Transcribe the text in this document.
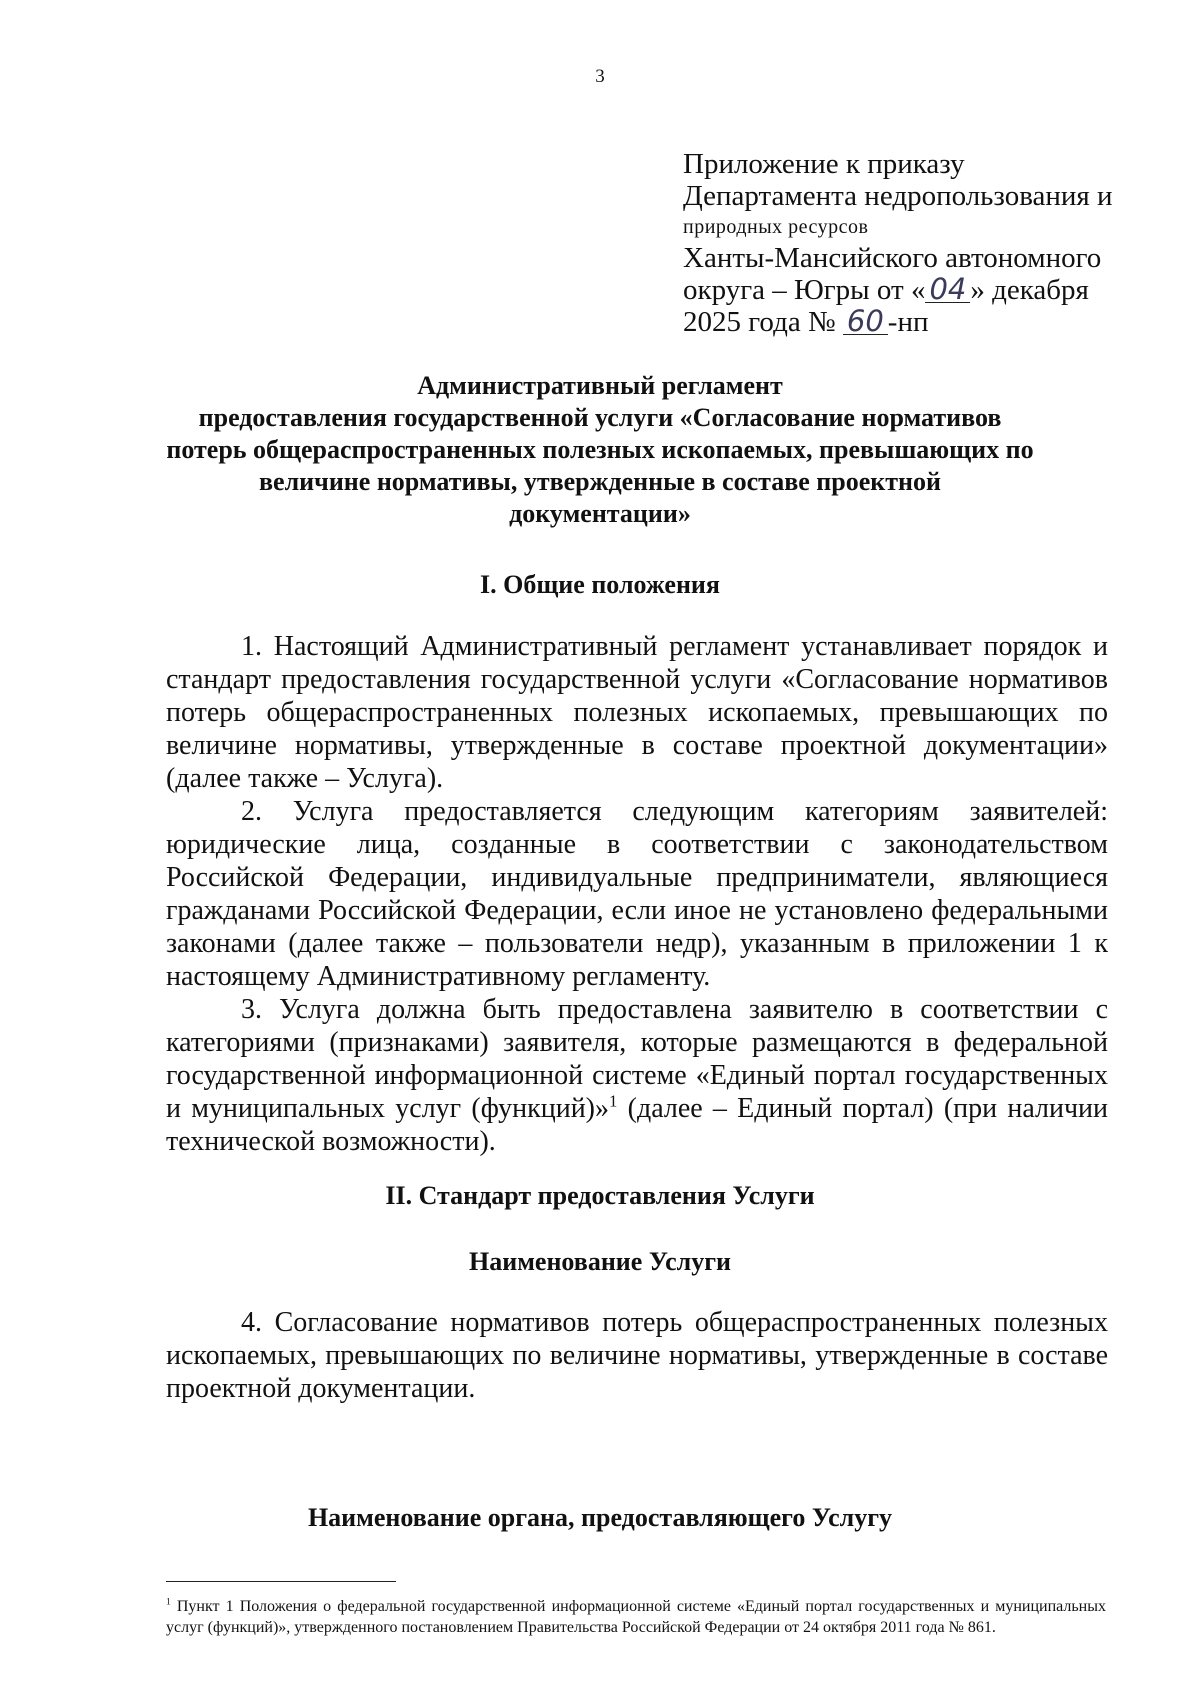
3
Приложение к приказу
Департамента недропользования и
природных ресурсов
Ханты-Мансийского автономного
округа – Югры от « 04 » декабря
2025 года № 60 -нп
Административный регламент
предоставления государственной услуги «Согласование нормативов
потерь общераспространенных полезных ископаемых, превышающих по
величине нормативы, утвержденные в составе проектной
документации»
I. Общие положения

1. Настоящий Административный регламент устанавливает порядок и стандарт предоставления государственной услуги «Согласование нормативов потерь общераспространенных полезных ископаемых, превышающих по величине нормативы, утвержденные в составе проектной документации» (далее также – Услуга).

2. Услуга предоставляется следующим категориям заявителей: юридические лица, созданные в соответствии с законодательством Российской Федерации, индивидуальные предприниматели, являющиеся гражданами Российской Федерации, если иное не установлено федеральными законами (далее также – пользователи недр), указанным в приложении 1 к настоящему Административному регламенту.

3. Услуга должна быть предоставлена заявителю в соответствии с категориями (признаками) заявителя, которые размещаются в федеральной государственной информационной системе «Единый портал государственных и муниципальных услуг (функций)»$^1$ (далее – Единый портал) (при наличии технической возможности).

II. Стандарт предоставления Услуги
Наименование Услуги

4. Согласование нормативов потерь общераспространенных полезных ископаемых, превышающих по величине нормативы, утвержденные в составе проектной документации.

Наименование органа, предоставляющего Услугу
$^1$ Пункт 1 Положения о федеральной государственной информационной системе «Единый портал государственных и муниципальных услуг (функций)», утвержденного постановлением Правительства Российской Федерации от 24 октября 2011 года № 861.
